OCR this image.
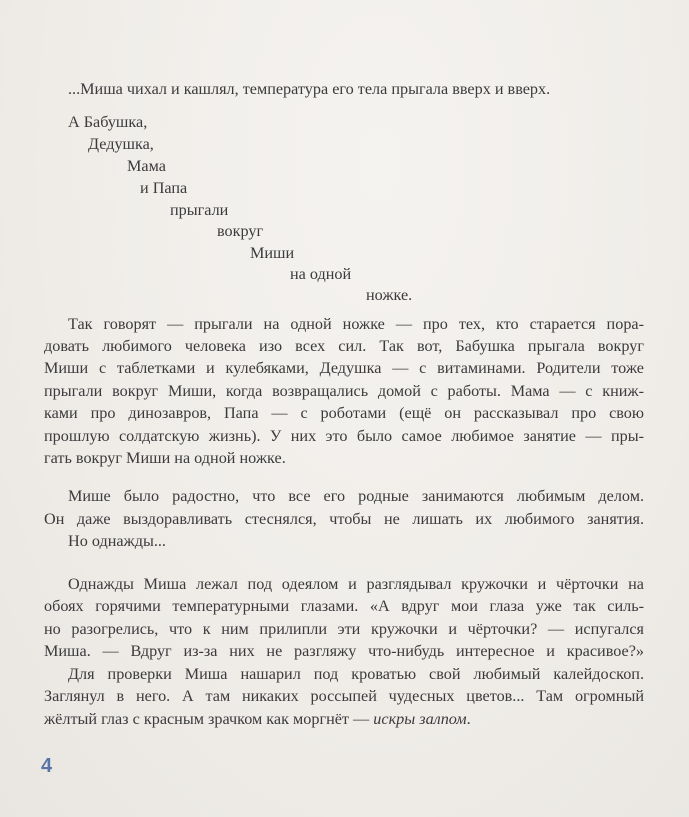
...Миша чихал и кашлял, температура его тела прыгала вверх и вверх.
А Бабушка,
Дедушка,
Мама
и Папа
прыгали
вокруг
Миши
на одной
ножке.
Так говорят — прыгали на одной ножке — про тех, кто старается пора-
довать любимого человека изо всех сил. Так вот, Бабушка прыгала вокруг
Миши с таблетками и кулебяками, Дедушка — с витаминами. Родители тоже
прыгали вокруг Миши, когда возвращались домой с работы. Мама — с книж-
ками про динозавров, Папа — с роботами (ещё он рассказывал про свою
прошлую солдатскую жизнь). У них это было самое любимое занятие — пры-
гать вокруг Миши на одной ножке.
Мише было радостно, что все его родные занимаются любимым делом.
Он даже выздоравливать стеснялся, чтобы не лишать их любимого занятия.
Но однажды...
Однажды Миша лежал под одеялом и разглядывал кружочки и чёрточки на
обоях горячими температурными глазами. «А вдруг мои глаза уже так силь-
но разогрелись, что к ним прилипли эти кружочки и чёрточки? — испугался
Миша. — Вдруг из-за них не разгляжу что-нибудь интересное и красивое?»
Для проверки Миша нашарил под кроватью свой любимый калейдоскоп.
Заглянул в него. А там никаких россыпей чудесных цветов... Там огромный
жёлтый глаз с красным зрачком как моргнёт — искры залпом.
4
